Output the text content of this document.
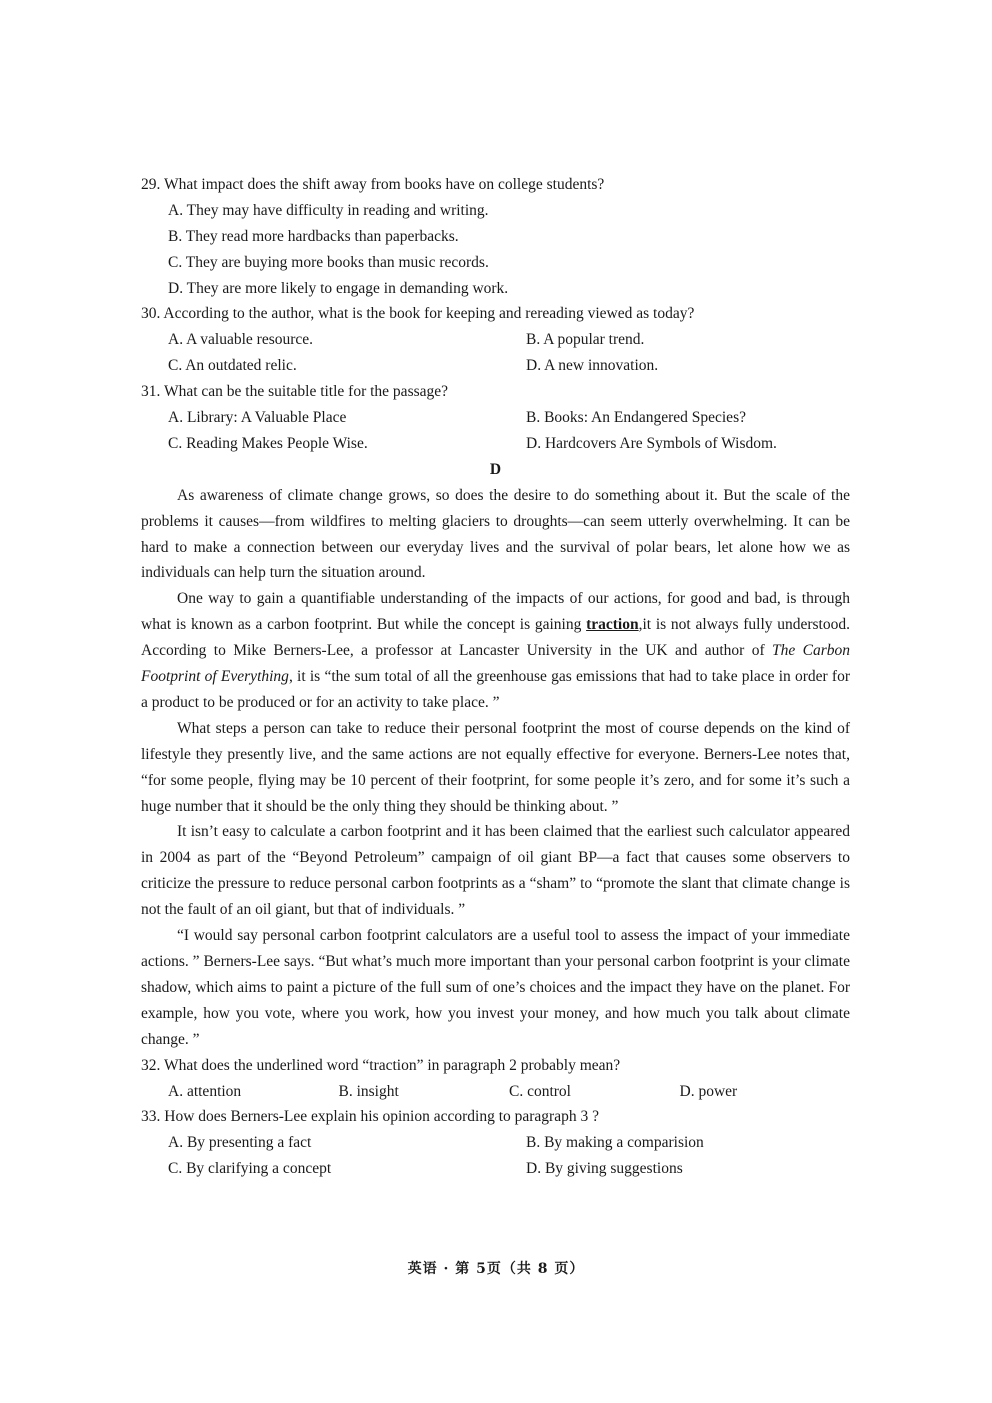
29. What impact does the shift away from books have on college students?
A. They may have difficulty in reading and writing.
B. They read more hardbacks than paperbacks.
C. They are buying more books than music records.
D. They are more likely to engage in demanding work.
30. According to the author, what is the book for keeping and rereading viewed as today?
A. A valuable resource.	B. A popular trend.
C. An outdated relic.	D. A new innovation.
31. What can be the suitable title for the passage?
A. Library: A Valuable Place	B. Books: An Endangered Species?
C. Reading Makes People Wise.	D. Hardcovers Are Symbols of Wisdom.
D

As awareness of climate change grows, so does the desire to do something about it. But the scale of the problems it causes—from wildfires to melting glaciers to droughts—can seem utterly overwhelming. It can be hard to make a connection between our everyday lives and the survival of polar bears, let alone how we as individuals can help turn the situation around.

One way to gain a quantifiable understanding of the impacts of our actions, for good and bad, is through what is known as a carbon footprint. But while the concept is gaining traction,it is not always fully understood. According to Mike Berners-Lee, a professor at Lancaster University in the UK and author of The Carbon Footprint of Everything, it is “the sum total of all the greenhouse gas emissions that had to take place in order for a product to be produced or for an activity to take place. ”

What steps a person can take to reduce their personal footprint the most of course depends on the kind of lifestyle they presently live, and the same actions are not equally effective for everyone. Berners-Lee notes that, “for some people, flying may be 10 percent of their footprint, for some people it’s zero, and for some it’s such a huge number that it should be the only thing they should be thinking about. ”

It isn’t easy to calculate a carbon footprint and it has been claimed that the earliest such calculator appeared in 2004 as part of the “Beyond Petroleum” campaign of oil giant BP—a fact that causes some observers to criticize the pressure to reduce personal carbon footprints as a “sham” to “promote the slant that climate change is not the fault of an oil giant, but that of individuals. ”

“I would say personal carbon footprint calculators are a useful tool to assess the impact of your immediate actions. ” Berners-Lee says. “But what’s much more important than your personal carbon footprint is your climate shadow, which aims to paint a picture of the full sum of one’s choices and the impact they have on the planet. For example, how you vote, where you work, how you invest your money, and how much you talk about climate change. ”

32. What does the underlined word “traction” in paragraph 2 probably mean?
A. attention	B. insight	C. control	D. power
33. How does Berners-Lee explain his opinion according to paragraph 3 ?
A. By presenting a fact	B. By making a comparision
C. By clarifying a concept	D. By giving suggestions
英语 · 第 5页（共 8 页）
